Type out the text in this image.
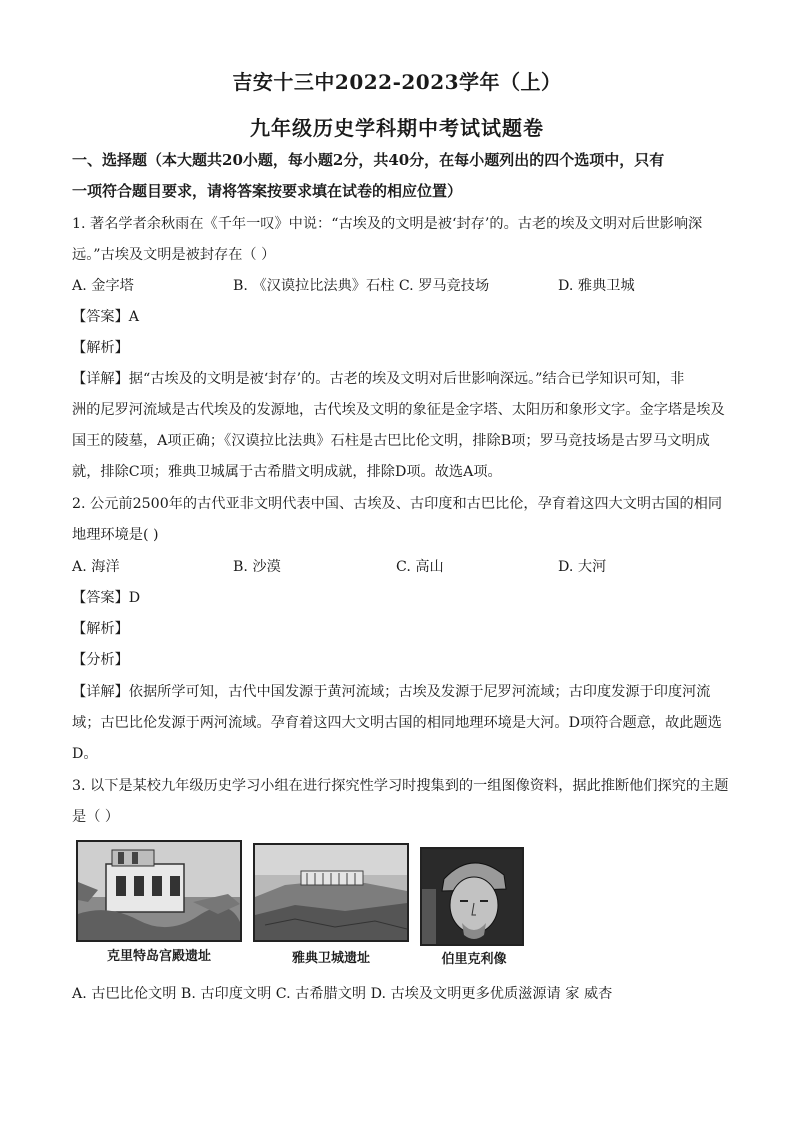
吉安十三中2022-2023学年（上）
九年级历史学科期中考试试题卷
一、选择题（本大题共20小题，每小题2分，共40分，在每小题列出的四个选项中，只有
一项符合题目要求，请将答案按要求填在试卷的相应位置）
1. 著名学者余秋雨在《千年一叹》中说：“古埃及的文明是被‘封存’的。古老的埃及文明对后世影响深
远。”古埃及文明是被封存在（ ）
A. 金字塔	B. 《汉谟拉比法典》石柱 C. 罗马竞技场	D. 雅典卫城
【答案】A
【解析】
【详解】据“古埃及的文明是被‘封存’的。古老的埃及文明对后世影响深远。”结合已学知识可知，非
洲的尼罗河流域是古代埃及的发源地，古代埃及文明的象征是金字塔、太阳历和象形文字。金字塔是埃及
国王的陵墓，A项正确；《汉谟拉比法典》石柱是古巴比伦文明，排除B项；罗马竞技场是古罗马文明成
就，排除C项；雅典卫城属于古希腊文明成就，排除D项。故选A项。
2. 公元前2500年的古代亚非文明代表中国、古埃及、古印度和古巴比伦，孕育着这四大文明古国的相同
地理环境是( )
A. 海洋	B. 沙漠	C. 高山	D. 大河
【答案】D
【解析】
【分析】
【详解】依据所学可知，古代中国发源于黄河流域；古埃及发源于尼罗河流域；古印度发源于印度河流
域；古巴比伦发源于两河流域。孕育着这四大文明古国的相同地理环境是大河。D项符合题意，故此题选
D。
3. 以下是某校九年级历史学习小组在进行探究性学习时搜集到的一组图像资料，据此推断他们探究的主题
是（ ）
克里特岛宫殿遗址	雅典卫城遗址	伯里克利像
A. 古巴比伦文明 B. 古印度文明 C. 古希腊文明 D. 古埃及文明更多优质滋源请 家 威杏
